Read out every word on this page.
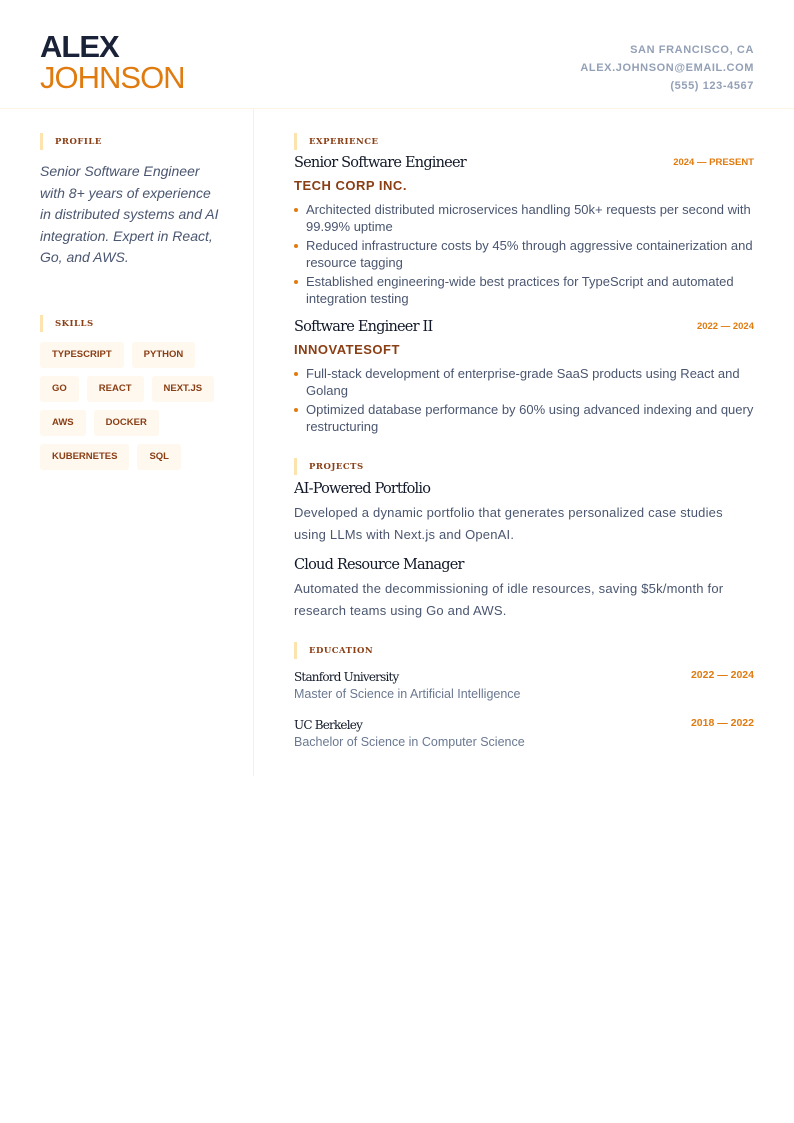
ALEX
JOHNSON
SAN FRANCISCO, CA
ALEX.JOHNSON@EMAIL.COM
(555) 123-4567
PROFILE
Senior Software Engineer with 8+ years of experience in distributed systems and AI integration. Expert in React, Go, and AWS.
SKILLS
TYPESCRIPT	PYTHON
GO	REACT	NEXT.JS
AWS	DOCKER
KUBERNETES	SQL
EXPERIENCE
Senior Software Engineer	2024 — PRESENT
TECH CORP INC.
Architected distributed microservices handling 50k+ requests per second with 99.99% uptime
Reduced infrastructure costs by 45% through aggressive containerization and resource tagging
Established engineering-wide best practices for TypeScript and automated integration testing
Software Engineer II	2022 — 2024
INNOVATESOFT
Full-stack development of enterprise-grade SaaS products using React and Golang
Optimized database performance by 60% using advanced indexing and query restructuring
PROJECTS
AI-Powered Portfolio
Developed a dynamic portfolio that generates personalized case studies using LLMs with Next.js and OpenAI.
Cloud Resource Manager
Automated the decommissioning of idle resources, saving $5k/month for research teams using Go and AWS.
EDUCATION
Stanford University	2022 — 2024
Master of Science in Artificial Intelligence
UC Berkeley	2018 — 2022
Bachelor of Science in Computer Science
